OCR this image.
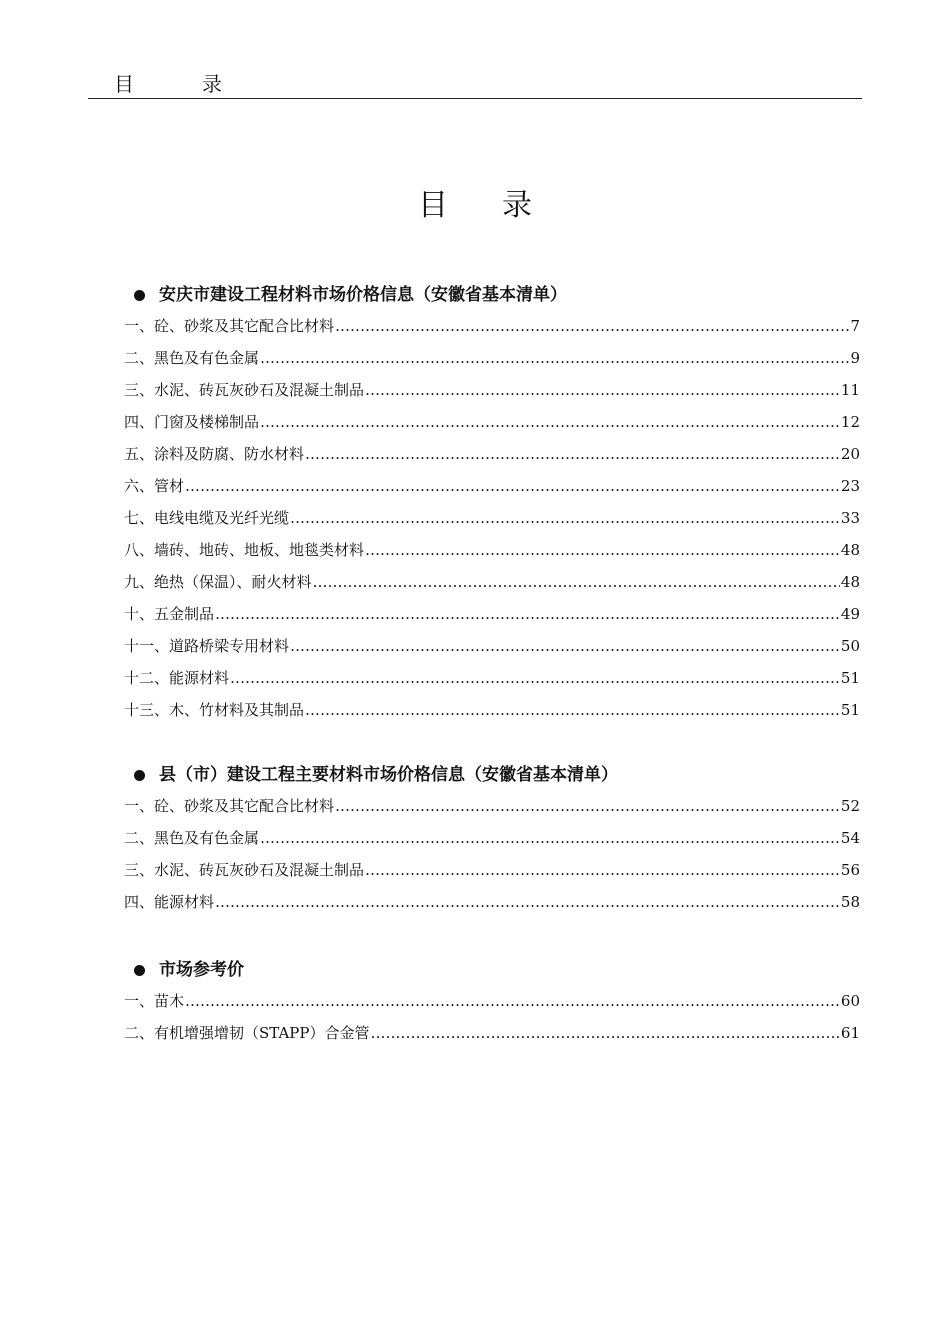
目	录
目 录
安庆市建设工程材料市场价格信息（安徽省基本清单）
一、砼、砂浆及其它配合比材料 ……………………………………………………………………………………………………………………………………………………………………………………………………………………………………………………	7
二、黑色及有色金属 ……………………………………………………………………………………………………………………………………………………………………………………………………………………………………………………	9
三、水泥、砖瓦灰砂石及混凝土制品 ……………………………………………………………………………………………………………………………………………………………………………………………………………………………………………………	11
四、门窗及楼梯制品 ……………………………………………………………………………………………………………………………………………………………………………………………………………………………………………………	12
五、涂料及防腐、防水材料 ……………………………………………………………………………………………………………………………………………………………………………………………………………………………………………………	20
六、管材 ……………………………………………………………………………………………………………………………………………………………………………………………………………………………………………………	23
七、电线电缆及光纤光缆 ……………………………………………………………………………………………………………………………………………………………………………………………………………………………………………………	33
八、墙砖、地砖、地板、地毯类材料 ……………………………………………………………………………………………………………………………………………………………………………………………………………………………………………………	48
九、绝热（保温）、耐火材料 ……………………………………………………………………………………………………………………………………………………………………………………………………………………………………………………	48
十、五金制品 ……………………………………………………………………………………………………………………………………………………………………………………………………………………………………………………	49
十一、道路桥梁专用材料 ……………………………………………………………………………………………………………………………………………………………………………………………………………………………………………………	50
十二、能源材料 ……………………………………………………………………………………………………………………………………………………………………………………………………………………………………………………	51
十三、木、竹材料及其制品 ……………………………………………………………………………………………………………………………………………………………………………………………………………………………………………………	51
县（市）建设工程主要材料市场价格信息（安徽省基本清单）
一、砼、砂浆及其它配合比材料 ……………………………………………………………………………………………………………………………………………………………………………………………………………………………………………………	52
二、黑色及有色金属 ……………………………………………………………………………………………………………………………………………………………………………………………………………………………………………………	54
三、水泥、砖瓦灰砂石及混凝土制品 ……………………………………………………………………………………………………………………………………………………………………………………………………………………………………………………	56
四、能源材料 ……………………………………………………………………………………………………………………………………………………………………………………………………………………………………………………	58
市场参考价
一、苗木 ……………………………………………………………………………………………………………………………………………………………………………………………………………………………………………………	60
二、有机增强增韧（STAPP）合金管 ……………………………………………………………………………………………………………………………………………………………………………………………………………………………………………………	61
